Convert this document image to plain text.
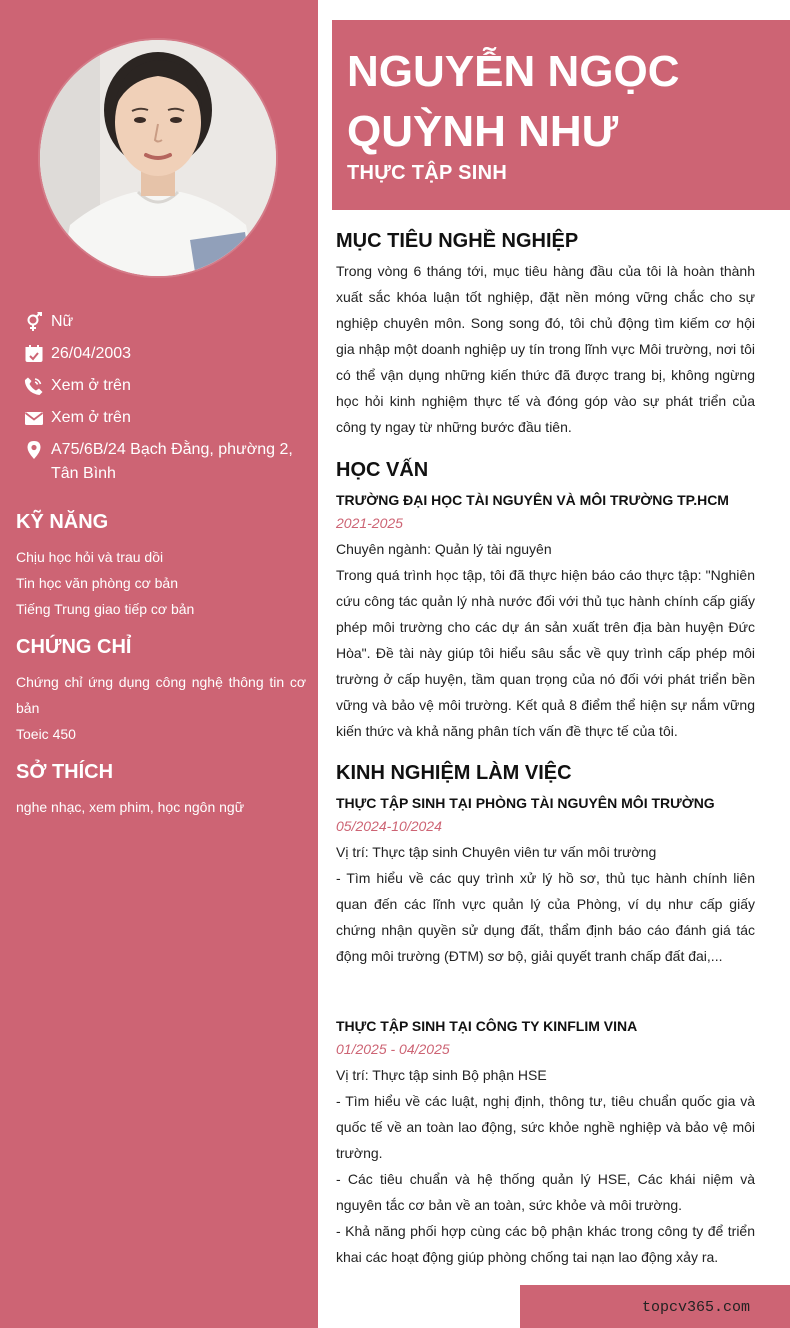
Nữ
26/04/2003
Xem ở trên
Xem ở trên
A75/6B/24 Bạch Đằng, phường 2, Tân Bình
KỸ NĂNG
Chịu học hỏi và trau dồi
Tin học văn phòng cơ bản
Tiếng Trung giao tiếp cơ bản
CHỨNG CHỈ
Chứng chỉ ứng dụng công nghệ thông tin cơ bản
Toeic 450
SỞ THÍCH
nghe nhạc, xem phim, học ngôn ngữ
NGUYỄN NGỌC QUỲNH NHƯ
THỰC TẬP SINH
MỤC TIÊU NGHỀ NGHIỆP
Trong vòng 6 tháng tới, mục tiêu hàng đầu của tôi là hoàn thành xuất sắc khóa luận tốt nghiệp, đặt nền móng vững chắc cho sự nghiệp chuyên môn. Song song đó, tôi chủ động tìm kiếm cơ hội gia nhập một doanh nghiệp uy tín trong lĩnh vực Môi trường, nơi tôi có thể vận dụng những kiến thức đã được trang bị, không ngừng học hỏi kinh nghiệm thực tế và đóng góp vào sự phát triển của công ty ngay từ những bước đầu tiên.
HỌC VẤN
TRƯỜNG ĐẠI HỌC TÀI NGUYÊN VÀ MÔI TRƯỜNG TP.HCM
2021-2025
Chuyên ngành: Quản lý tài nguyên
Trong quá trình học tập, tôi đã thực hiện báo cáo thực tập: "Nghiên cứu công tác quản lý nhà nước đối với thủ tục hành chính cấp giấy phép môi trường cho các dự án sản xuất trên địa bàn huyện Đức Hòa". Đề tài này giúp tôi hiểu sâu sắc về quy trình cấp phép môi trường ở cấp huyện, tầm quan trọng của nó đối với phát triển bền vững và bảo vệ môi trường. Kết quả 8 điểm thể hiện sự nắm vững kiến thức và khả năng phân tích vấn đề thực tế của tôi.
KINH NGHIỆM LÀM VIỆC
THỰC TẬP SINH TẠI PHÒNG TÀI NGUYÊN MÔI TRƯỜNG
05/2024-10/2024
Vị trí: Thực tập sinh Chuyên viên tư vấn môi trường
- Tìm hiểu về các quy trình xử lý hồ sơ, thủ tục hành chính liên quan đến các lĩnh vực quản lý của Phòng, ví dụ như cấp giấy chứng nhận quyền sử dụng đất, thẩm định báo cáo đánh giá tác động môi trường (ĐTM) sơ bộ, giải quyết tranh chấp đất đai,...
THỰC TẬP SINH TẠI CÔNG TY KINFLIM VINA
01/2025 - 04/2025
Vị trí: Thực tập sinh Bộ phận HSE
- Tìm hiểu về các luật, nghị định, thông tư, tiêu chuẩn quốc gia và quốc tế về an toàn lao động, sức khỏe nghề nghiệp và bảo vệ môi trường.
- Các tiêu chuẩn và hệ thống quản lý HSE, Các khái niệm và nguyên tắc cơ bản về an toàn, sức khỏe và môi trường.
- Khả năng phối hợp cùng các bộ phận khác trong công ty để triển khai các hoạt động giúp phòng chống tai nạn lao động xảy ra.
topcv365.com
